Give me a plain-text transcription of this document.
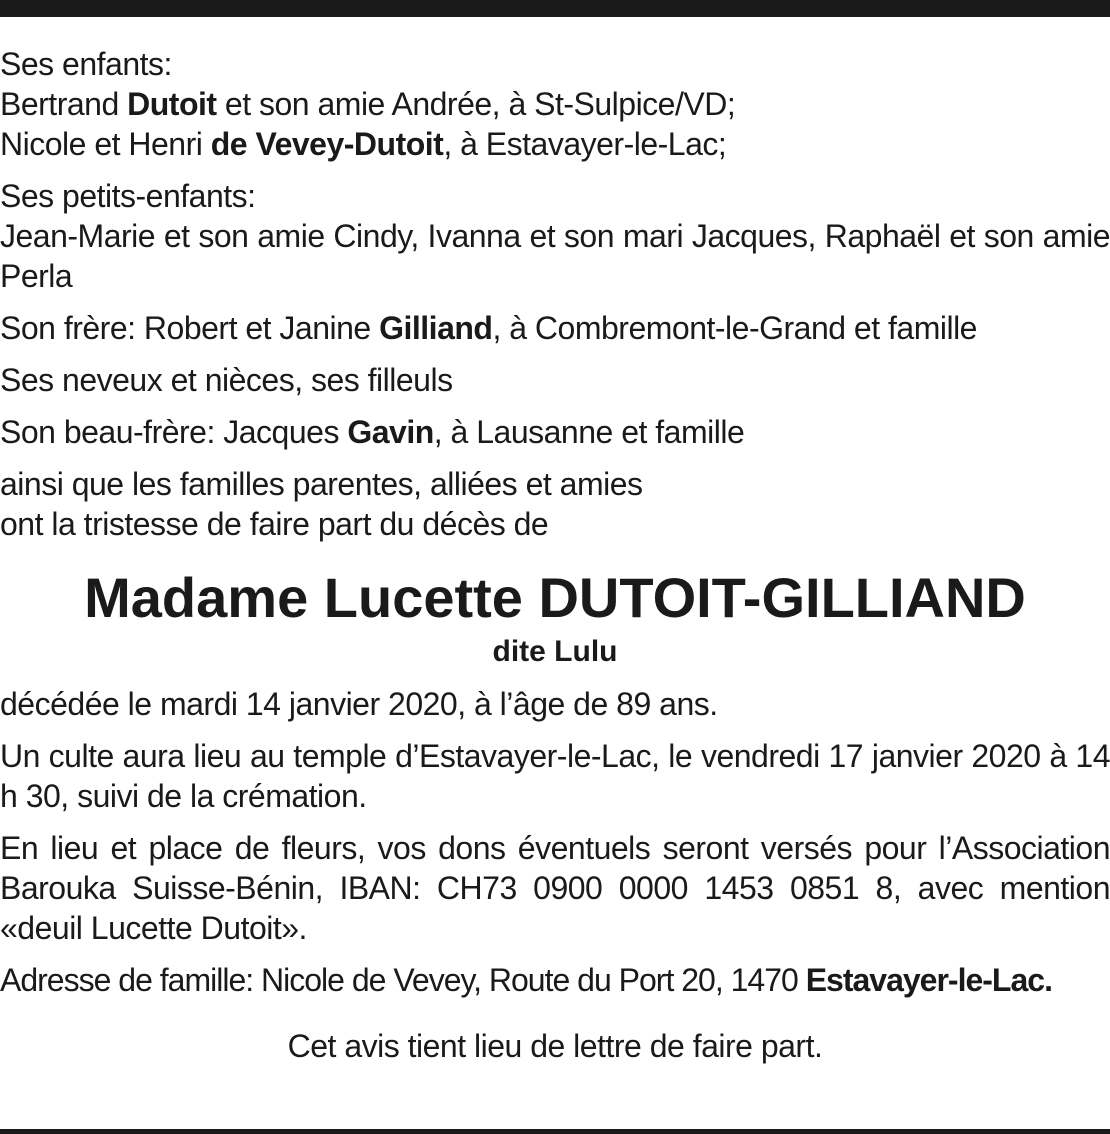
Ses enfants:
Bertrand Dutoit et son amie Andrée, à St-Sulpice/VD;
Nicole et Henri de Vevey-Dutoit, à Estavayer-le-Lac;
Ses petits-enfants:
Jean-Marie et son amie Cindy, Ivanna et son mari Jacques, Raphaël et son amie Perla
Son frère: Robert et Janine Gilliand, à Combremont-le-Grand et famille
Ses neveux et nièces, ses filleuls
Son beau-frère: Jacques Gavin, à Lausanne et famille
ainsi que les familles parentes, alliées et amies
ont la tristesse de faire part du décès de
Madame Lucette DUTOIT-GILLIAND
dite Lulu
décédée le mardi 14 janvier 2020, à l’âge de 89 ans.
Un culte aura lieu au temple d’Estavayer-le-Lac, le vendredi 17 janvier 2020 à 14 h 30, suivi de la crémation.
En lieu et place de fleurs, vos dons éventuels seront versés pour l’Association Barouka Suisse-Bénin, IBAN: CH73 0900 0000 1453 0851 8, avec mention «deuil Lucette Dutoit».
Adresse de famille: Nicole de Vevey, Route du Port 20, 1470 Estavayer-le-Lac.
Cet avis tient lieu de lettre de faire part.
